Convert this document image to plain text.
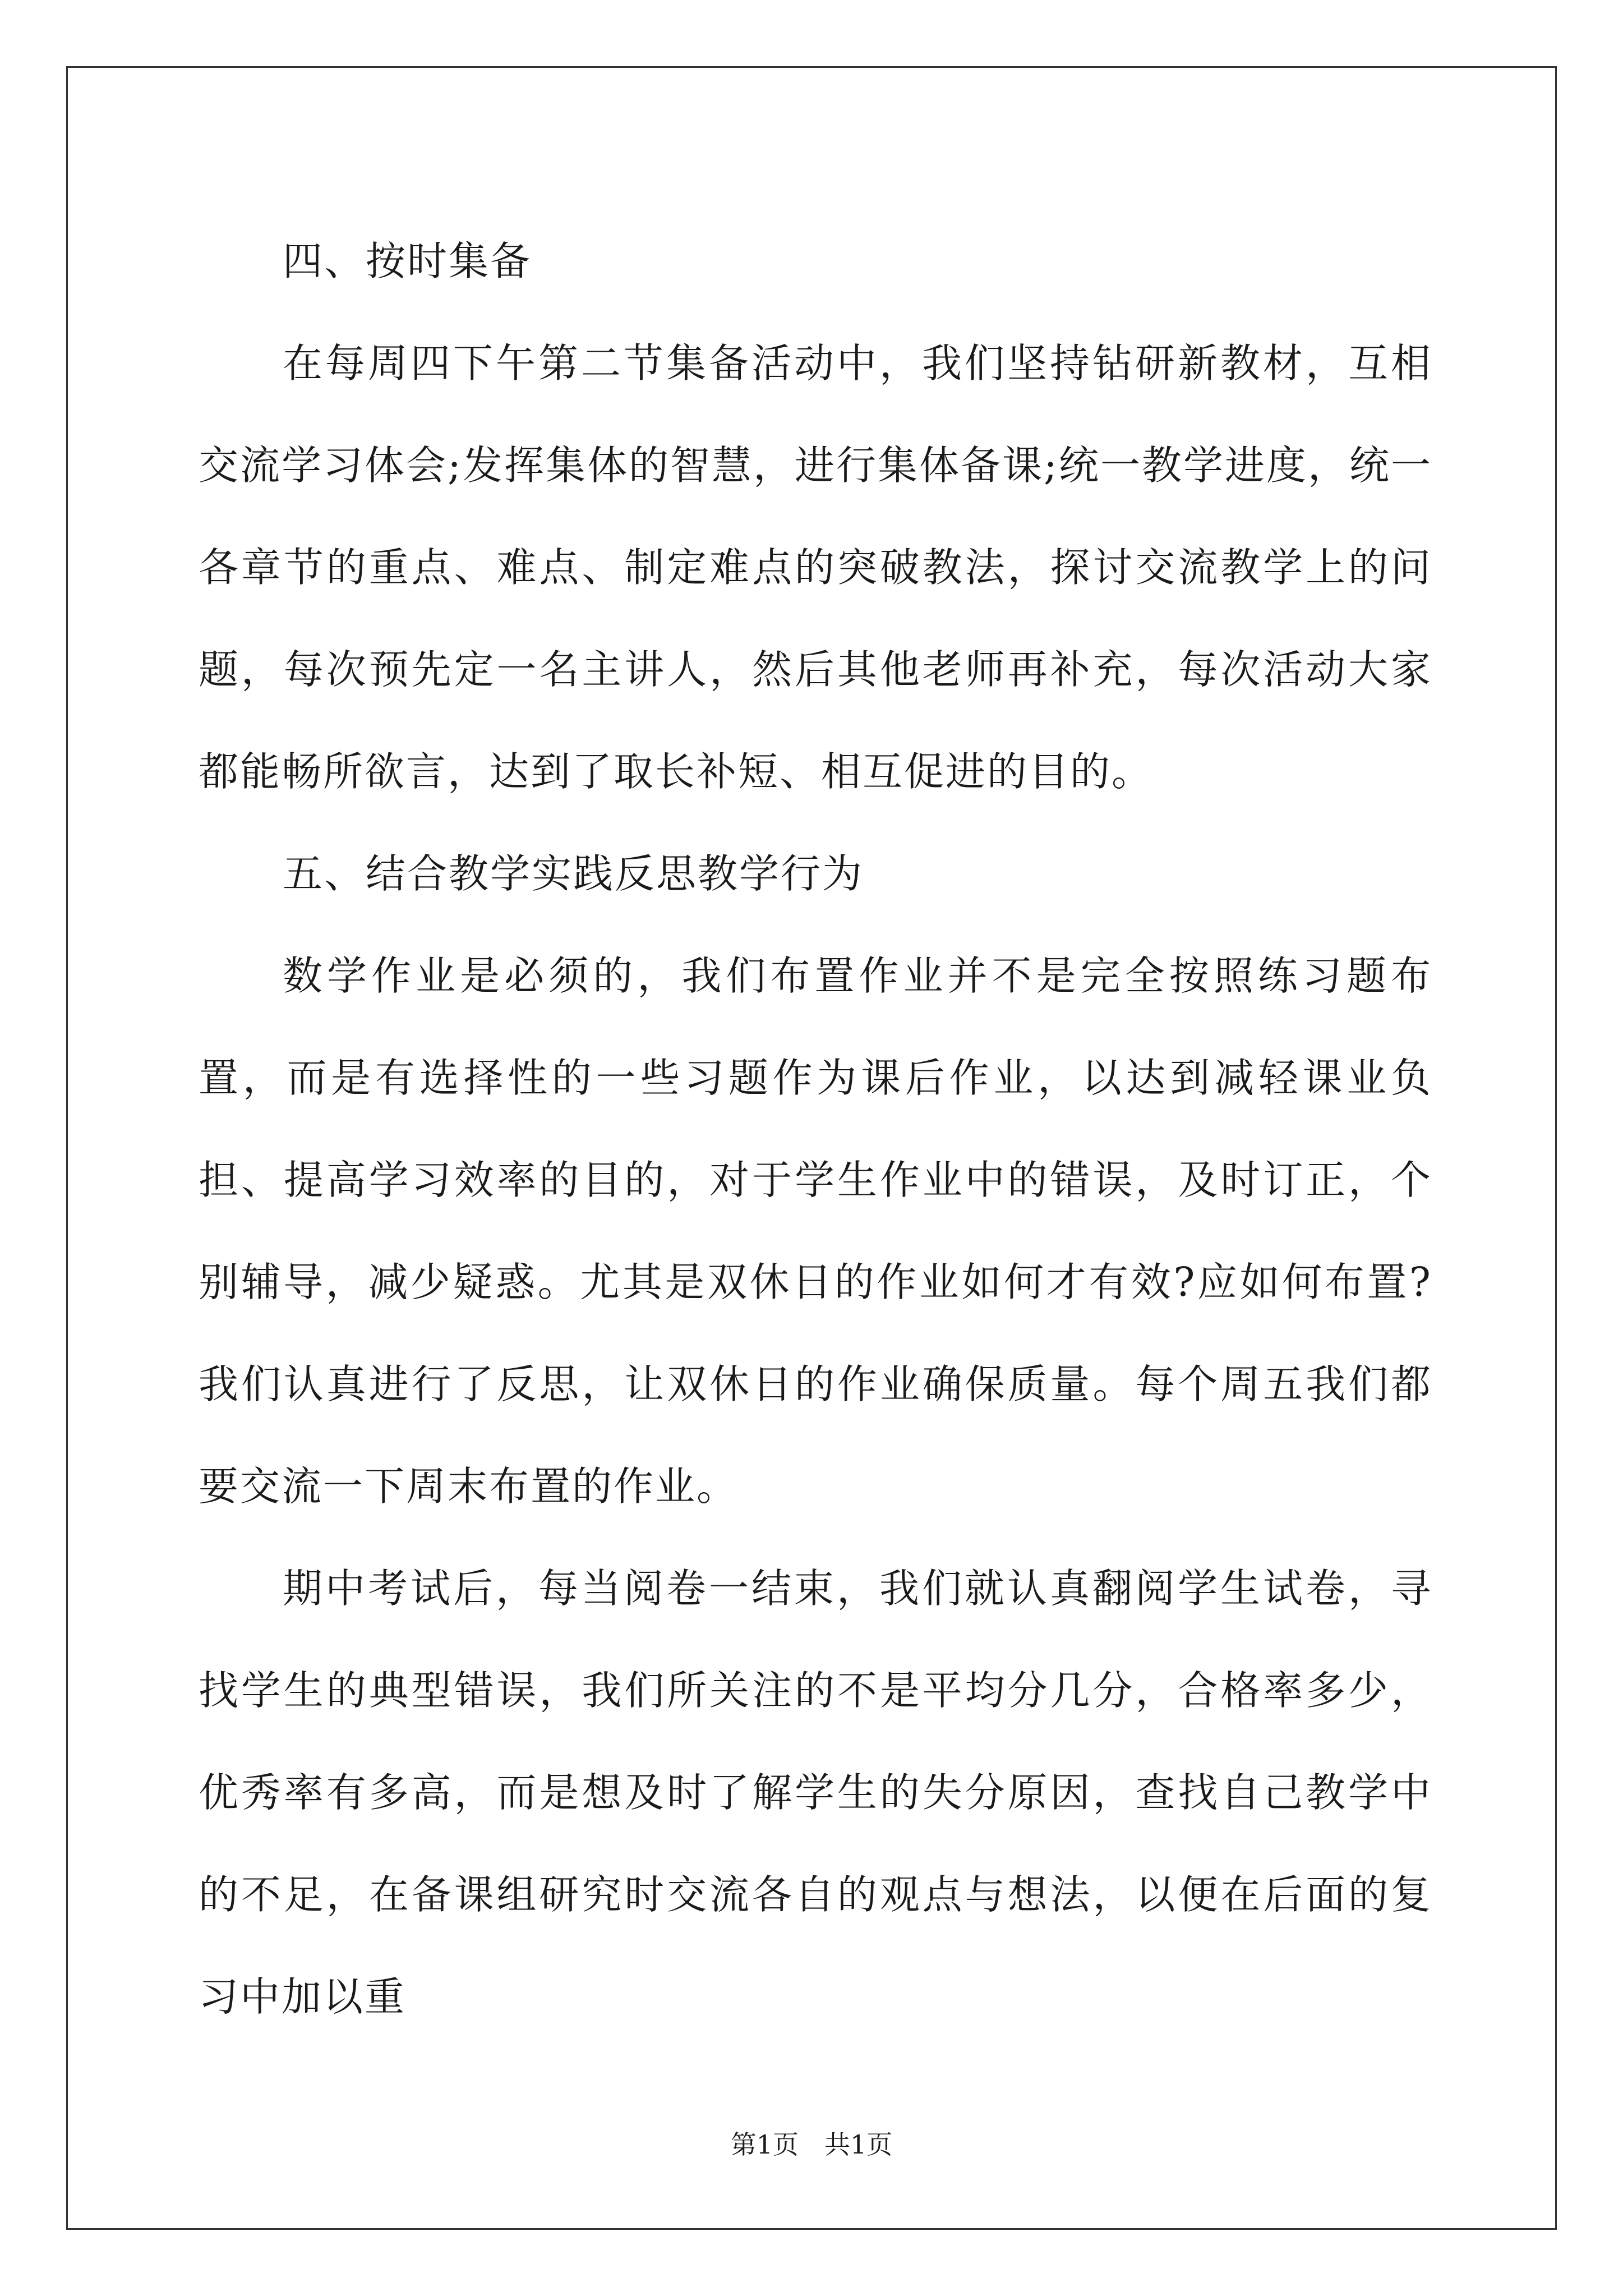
四、按时集备

在每周四下午第二节集备活动中，我们坚持钻研新教材，互相交流学习体会;发挥集体的智慧，进行集体备课;统一教学进度，统一各章节的重点、难点、制定难点的突破教法，探讨交流教学上的问题，每次预先定一名主讲人，然后其他老师再补充，每次活动大家都能畅所欲言，达到了取长补短、相互促进的目的。

五、结合教学实践反思教学行为

数学作业是必须的，我们布置作业并不是完全按照练习题布置，而是有选择性的一些习题作为课后作业，以达到减轻课业负担、提高学习效率的目的，对于学生作业中的错误，及时订正，个别辅导，减少疑惑。尤其是双休日的作业如何才有效?应如何布置?我们认真进行了反思，让双休日的作业确保质量。每个周五我们都要交流一下周末布置的作业。

期中考试后，每当阅卷一结束，我们就认真翻阅学生试卷，寻找学生的典型错误，我们所关注的不是平均分几分，合格率多少，优秀率有多高，而是想及时了解学生的失分原因，查找自己教学中的不足，在备课组研究时交流各自的观点与想法，以便在后面的复习中加以重

第1页 共1页
